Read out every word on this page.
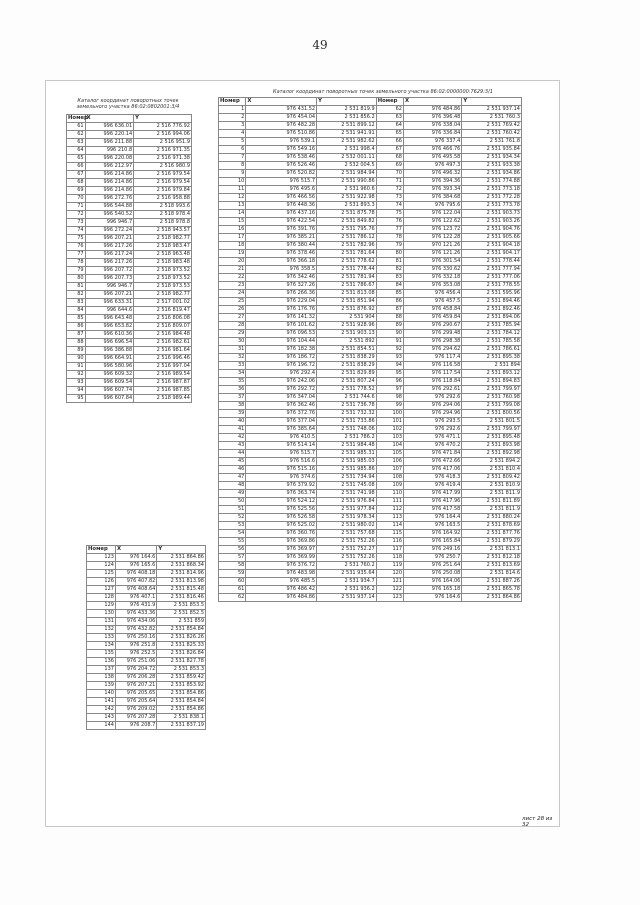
49
Каталог координат поворотных точек земельного участка 86:02:0802001:3/4
Номер	X	Y
61	996 636.01	2 516 776.92
62	996 220.14	2 516 994.06
63	996 211.88	2 516 951.9
64	996 210.8	2 516 971.35
65	996 220.08	2 516 971.38
66	996 212.97	2 516 980.9
67	996 214.86	2 516 979.54
68	996 214.86	2 516 979.54
69	996 214.86	2 516 979.84
70	996 272.76	2 516 958.88
71	996 544.88	2 518 993.6
72	996 540.52	2 518 978.4
73	996 946.7	2 518 978.8
74	996 272.24	2 518 943.57
75	996 207.21	2 518 982.77
76	996 217.26	2 518 983.47
77	996 217.24	2 518 963.48
78	996 217.26	2 518 983.48
79	996 207.72	2 518 973.52
80	996 207.73	2 518 973.52
81	996 946.7	2 518 973.53
82	996 207.21	2 518 982.77
83	996 633.31	2 517 001.02
84	996 644.6	2 516 819.47
85	996 643.48	2 516 806.08
86	996 653.82	2 516 809.07
87	996 610.36	2 516 984.48
88	996 696.54	2 516 982.61
89	996 386.88	2 516 981.64
90	996 664.91	2 516 996.46
91	996 580.96	2 516 997.04
92	996 609.32	2 516 989.54
93	996 609.54	2 516 987.87
94	996 607.74	2 516 987.85
95	996 607.84	2 518 989.44
Каталог координат поворотных точек земельного участка 86:02:0000000:7629:3/1
Номер	X	Y	Номер	X	Y
1	976 431.52	2 531 819.9	62	976 484.86	2 531 937.14
2	976 454.04	2 531 856.2	63	976 396.48	2 531 760.3
3	976 482.28	2 531 899.12	64	976 338.04	2 531 769.42
4	976 510.86	2 531 941.91	65	976 336.84	2 531 760.42
5	976 539.1	2 531 982.62	66	976 337.4	2 531 761.8
6	976 549.16	2 531 998.4	67	976 466.76	2 531 935.84
7	976 538.46	2 532 001.11	68	976 495.58	2 531 934.34
8	976 526.46	2 532 004.5	69	976 497.3	2 531 933.38
9	976 520.82	2 531 984.94	70	976 496.32	2 531 934.86
10	976 515.7	2 531 990.86	71	976 394.36	2 531 774.88
11	976 495.6	2 531 960.6	72	976 393.34	2 531 773.18
12	976 466.56	2 531 922.98	73	976 384.68	2 531 772.28
13	976 448.36	2 531 893.3	74	976 795.6	2 531 773.78
14	976 437.16	2 531 875.78	75	976 122.04	2 531 903.73
15	976 422.54	2 531 849.82	76	976 122.62	2 531 903.26
16	976 391.76	2 531 795.76	77	976 123.72	2 531 904.76
17	976 385.21	2 531 786.12	78	976 122.28	2 531 905.66
18	976 380.44	2 531 782.96	79	970 121.26	2 531 904.18
19	976 378.46	2 531 781.64	80	976 121.26	2 531 904.17
20	976 366.18	2 531 778.62	81	976 301.54	2 531 778.44
21	976 358.5	2 531 778.44	82	976 330.62	2 531 777.94
22	976 342.46	2 531 781.94	83	976 332.18	2 531 777.06
23	976 327.26	2 531 786.67	84	976 353.08	2 531 778.55
24	976 266.36	2 531 813.08	85	976 456.4	2 531 595.96
25	976 229.04	2 531 851.94	86	976 457.5	2 531 894.46
26	976 176.76	2 531 876.92	87	976 458.84	2 531 892.46
27	976 141.32	2 531 904	88	976 459.84	2 531 894.06
28	976 101.62	2 531 928.96	89	976 290.67	2 531 785.94
29	976 096.53	2 531 903.13	90	976 299.48	2 531 784.12
30	976 104.44	2 531 892	91	976 298.38	2 531 785.58
31	976 182.38	2 531 854.51	92	976 294.62	2 531 786.61
32	976 186.72	2 531 838.29	93	976 117.4	2 531 895.38
33	976 196.72	2 531 838.29	94	976 116.58	2 531 894
34	976 292.4	2 531 829.89	95	976 117.54	2 531 893.12
35	976 242.06	2 531 807.24	96	976 118.84	2 531 894.83
36	976 292.72	2 531 778.52	97	976 292.61	2 531 799.97
37	976 347.04	2 531 744.6	98	976 292.6	2 531 760.98
38	976 362.46	2 531 736.78	99	976 294.06	2 531 799.08
39	976 372.76	2 531 732.32	100	976 294.96	2 531 800.56
40	976 377.04	2 531 733.86	101	976 293.5	2 531 801.5
41	976 385.64	2 531 748.06	102	976 292.6	2 531 799.97
42	976 410.5	2 531 786.2	103	976 471.1	2 531 895.48
43	976 514.14	2 531 984.48	104	976 470.2	2 531 893.98
44	976 515.7	2 531 985.31	105	976 471.84	2 531 892.98
45	976 516.6	2 531 985.03	106	976 472.66	2 531 894.2
46	976 515.16	2 531 985.86	107	976 417.06	2 531 810.4
47	976 374.6	2 531 734.94	108	976 418.3	2 531 809.42
48	976 379.92	2 531 745.08	109	976 419.4	2 531 810.9
49	976 363.74	2 531 741.98	110	976 417.99	2 531 811.9
50	976 524.12	2 531 976.84	111	976 417.96	2 531 811.89
51	976 525.56	2 531 977.84	112	976 417.58	2 531 811.9
52	976 526.58	2 531 978.34	113	976 164.4	2 531 880.24
53	976 525.02	2 531 980.02	114	976 163.5	2 531 878.69
54	976 360.76	2 531 757.68	115	976 164.92	2 531 877.76
55	976 369.86	2 531 752.26	116	976 165.84	2 531 879.29
56	976 369.97	2 531 752.27	117	976 249.16	2 531 813.1
57	976 369.99	2 531 752.26	118	976 250.7	2 531 812.18
58	976 376.72	2 531 760.2	119	976 251.64	2 531 813.69
59	976 483.98	2 531 935.64	120	976 250.08	2 531 814.6
60	976 485.5	2 531 934.7	121	976 164.06	2 531 887.26
61	976 486.42	2 531 936.2	122	976 165.18	2 531 865.78
62	976 484.86	2 531 937.14	123	976 164.6	2 531 864.86
Номер	X	Y
123	976 164.6	2 531 864.86
124	976 165.6	2 531 868.34
125	976 408.18	2 531 814.96
126	976 407.82	2 531 813.98
127	976 408.64	2 531 815.48
128	976 407.1	2 531 816.46
129	976 431.9	2 531 853.5
130	976 433.36	2 531 852.5
131	976 434.06	2 531 859
132	976 432.82	2 531 854.84
133	976 250.16	2 531 826.26
134	976 251.8	2 531 825.33
135	976 252.5	2 531 826.84
136	976 251.06	2 531 827.78
137	976 204.72	2 531 853.3
138	976 206.28	2 531 859.42
139	976 207.21	2 531 853.92
140	976 205.65	2 531 854.86
141	976 205.64	2 531 854.84
142	976 209.02	2 531 854.86
143	976 207.28	2 531 838.1
144	976 208.7	2 531 837.19
лист 28 из 32
